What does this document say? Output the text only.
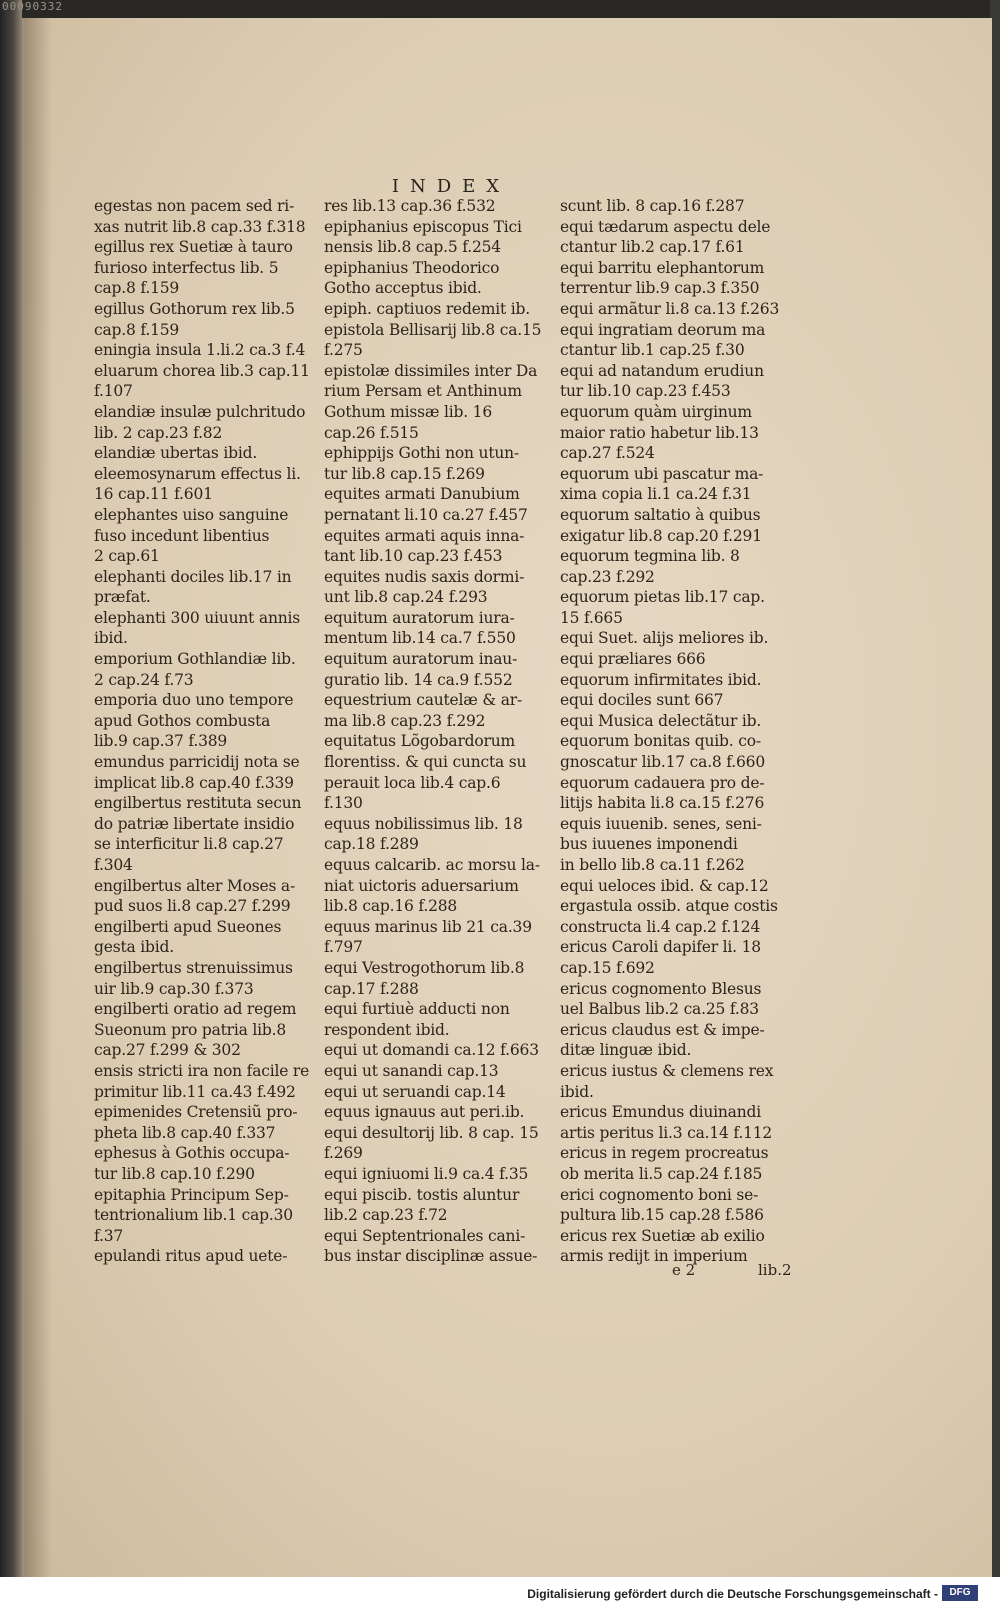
00090332
INDEX
egestas non pacem sed ri-
xas nutrit lib.8 cap.33 f.318
egillus rex Suetiæ à tauro
furioso interfectus lib. 5
cap.8 f.159
egillus Gothorum rex lib.5
cap.8 f.159
eningia insula 1.li.2 ca.3 f.4
eluarum chorea lib.3 cap.11
f.107
elandiæ insulæ pulchritudo
lib. 2 cap.23 f.82
elandiæ ubertas ibid.
eleemosynarum effectus li.
16 cap.11 f.601
elephantes uiso sanguine
fuso incedunt libentius
2 cap.61
elephanti dociles lib.17 in
præfat.
elephanti 300 uiuunt annis
ibid.
emporium Gothlandiæ lib.
2 cap.24 f.73
emporia duo uno tempore
apud Gothos combusta
lib.9 cap.37 f.389
emundus parricidij nota se
implicat lib.8 cap.40 f.339
engilbertus restituta secun
do patriæ libertate insidio
se interficitur li.8 cap.27
f.304
engilbertus alter Moses a-
pud suos li.8 cap.27 f.299
engilberti apud Sueones
gesta ibid.
engilbertus strenuissimus
uir lib.9 cap.30 f.373
engilberti oratio ad regem
Sueonum pro patria lib.8
cap.27 f.299 & 302
ensis stricti ira non facile re
primitur lib.11 ca.43 f.492
epimenides Cretensiũ pro-
pheta lib.8 cap.40 f.337
ephesus à Gothis occupa-
tur lib.8 cap.10 f.290
epitaphia Principum Sep-
tentrionalium lib.1 cap.30
f.37
epulandi ritus apud uete-
res lib.13 cap.36 f.532
epiphanius episcopus Tici
nensis lib.8 cap.5 f.254
epiphanius Theodorico
Gotho acceptus ibid.
epiph. captiuos redemit ib.
epistola Bellisarij lib.8 ca.15
f.275
epistolæ dissimiles inter Da
rium Persam et Anthinum
Gothum missæ lib. 16
cap.26 f.515
ephippijs Gothi non utun-
tur lib.8 cap.15 f.269
equites armati Danubium
pernatant li.10 ca.27 f.457
equites armati aquis inna-
tant lib.10 cap.23 f.453
equites nudis saxis dormi-
unt lib.8 cap.24 f.293
equitum auratorum iura-
mentum lib.14 ca.7 f.550
equitum auratorum inau-
guratio lib. 14 ca.9 f.552
equestrium cautelæ & ar-
ma lib.8 cap.23 f.292
equitatus Lõgobardorum
florentiss. & qui cuncta su
perauit loca lib.4 cap.6
f.130
equus nobilissimus lib. 18
cap.18 f.289
equus calcarib. ac morsu la-
niat uictoris aduersarium
lib.8 cap.16 f.288
equus marinus lib 21 ca.39
f.797
equi Vestrogothorum lib.8
cap.17 f.288
equi furtiuè adducti non
respondent ibid.
equi ut domandi ca.12 f.663
equi ut sanandi cap.13
equi ut seruandi cap.14
equus ignauus aut peri.ib.
equi desultorij lib. 8 cap. 15
f.269
equi igniuomi li.9 ca.4 f.35
equi piscib. tostis aluntur
lib.2 cap.23 f.72
equi Septentrionales cani-
bus instar disciplinæ assue-
scunt lib. 8 cap.16 f.287
equi tædarum aspectu dele
ctantur lib.2 cap.17 f.61
equi barritu elephantorum
terrentur lib.9 cap.3 f.350
equi armãtur li.8 ca.13 f.263
equi ingratiam deorum ma
ctantur lib.1 cap.25 f.30
equi ad natandum erudiun
tur lib.10 cap.23 f.453
equorum quàm uirginum
maior ratio habetur lib.13
cap.27 f.524
equorum ubi pascatur ma-
xima copia li.1 ca.24 f.31
equorum saltatio à quibus
exigatur lib.8 cap.20 f.291
equorum tegmina lib. 8
cap.23 f.292
equorum pietas lib.17 cap.
15 f.665
equi Suet. alijs meliores ib.
equi præliares 666
equorum infirmitates ibid.
equi dociles sunt 667
equi Musica delectãtur ib.
equorum bonitas quib. co-
gnoscatur lib.17 ca.8 f.660
equorum cadauera pro de-
litijs habita li.8 ca.15 f.276
equis iuuenib. senes, seni-
bus iuuenes imponendi
in bello lib.8 ca.11 f.262
equi ueloces ibid. & cap.12
ergastula ossib. atque costis
constructa li.4 cap.2 f.124
ericus Caroli dapifer li. 18
cap.15 f.692
ericus cognomento Blesus
uel Balbus lib.2 ca.25 f.83
ericus claudus est & impe-
ditæ linguæ ibid.
ericus iustus & clemens rex
ibid.
ericus Emundus diuinandi
artis peritus li.3 ca.14 f.112
ericus in regem procreatus
ob merita li.5 cap.24 f.185
erici cognomento boni se-
pultura lib.15 cap.28 f.586
ericus rex Suetiæ ab exilio
armis redijt in imperium
e 2	lib.2
Digitalisierung gefördert durch die Deutsche Forschungsgemeinschaft -	DFG
